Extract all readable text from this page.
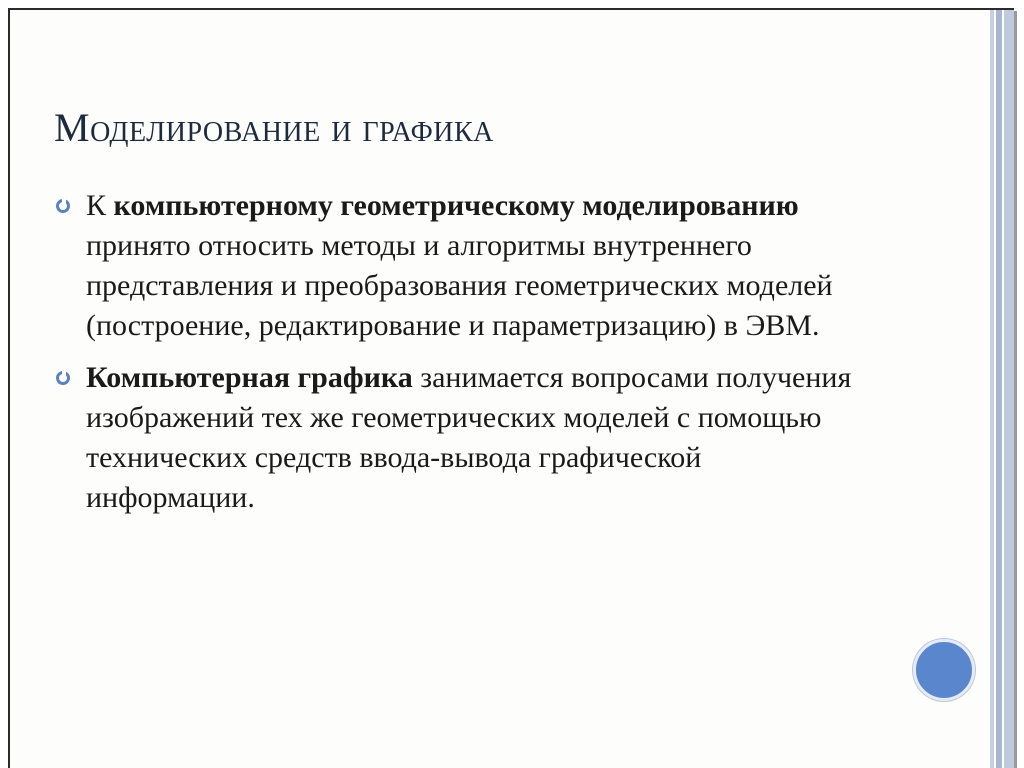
Моделирование и графика
К компьютерному геометрическому моделированию принято относить методы и алгоритмы внутреннего представления и преобразования геометрических моделей (построение, редактирование и параметризацию) в ЭВМ.
Компьютерная графика занимается вопросами получения изображений тех же геометрических моделей с помощью технических средств ввода-вывода графической информации.
